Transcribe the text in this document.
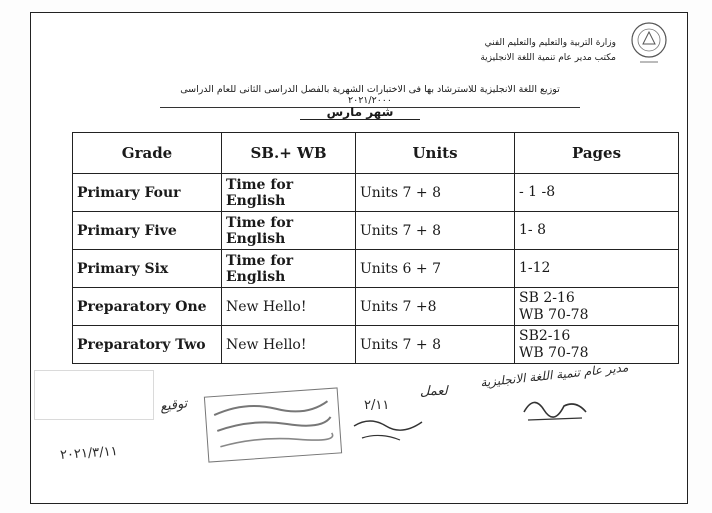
وزارة التربية والتعليم والتعليم الفني
مكتب مدير عام تنمية اللغة الانجليزية
توزيع اللغة الانجليزية للاسترشاد بها فى الاختبارات الشهرية بالفصل الدراسى الثانى للعام الدراسى ٢٠٢١/٢٠٠٠
شهر مارس
Grade	SB.+ WB	Units	Pages
Primary Four	Time for English	Units 7 + 8	- 1 -8

Primary Five	Time for English	Units 7 + 8	1- 8

Primary Six	Time for English	Units 6 + 7	1-12

Preparatory One	New Hello!	Units 7 +8	SB 2-16
WB 70-78

Preparatory Two	New Hello!	Units 7 + 8	SB2-16
WB 70-78
مدير عام تنمية اللغة الانجليزية
لعمل
٢/١١
توقيع
٢٠٢١/٣/١١
